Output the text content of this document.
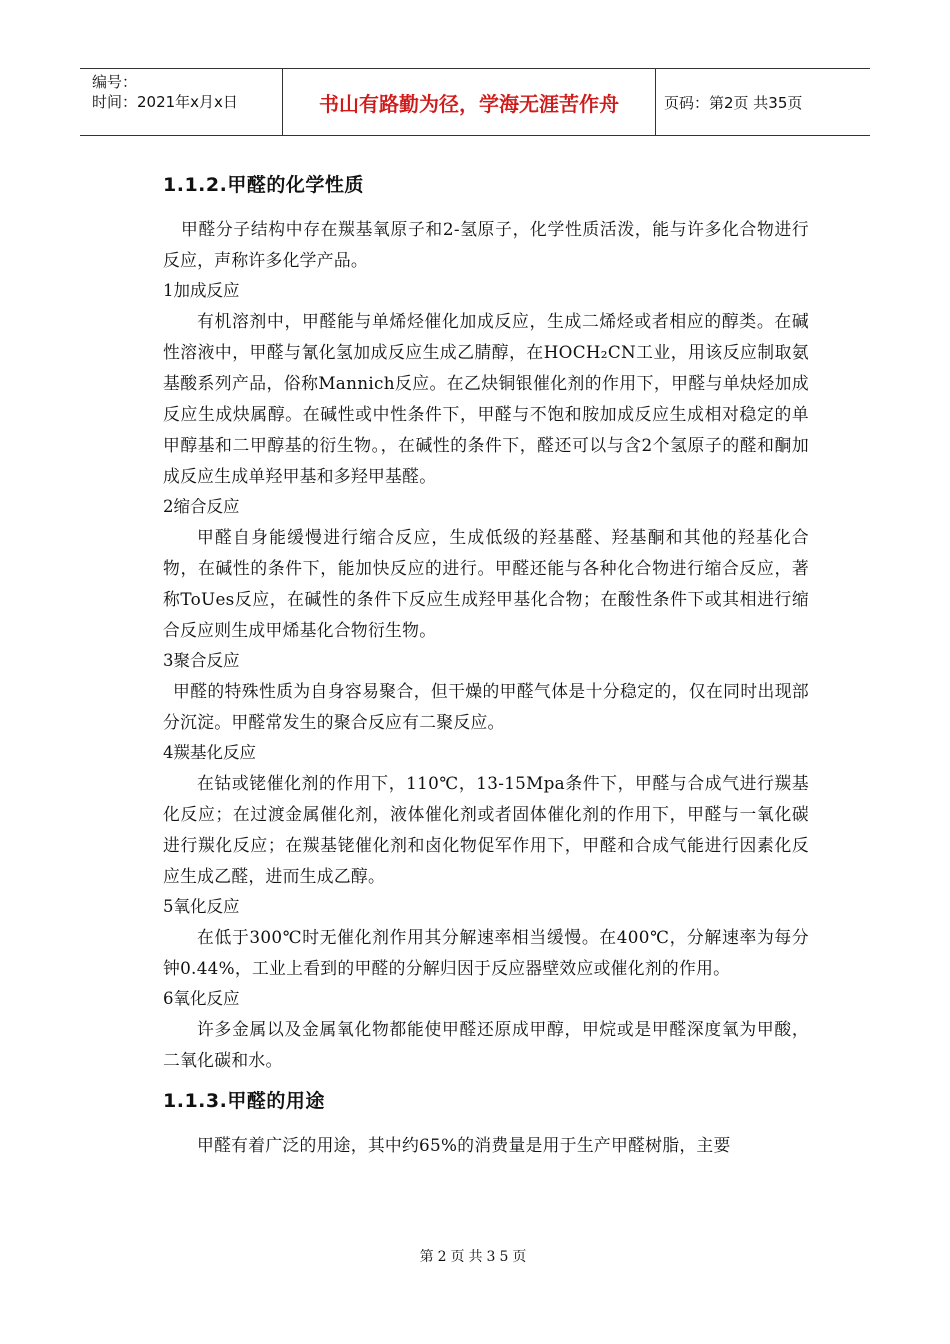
编号：
时间：2021年x月x日	书山有路勤为径，学海无涯苦作舟	页码：第2页 共35页
1.1.2.甲醛的化学性质

甲醛分子结构中存在羰基氧原子和2-氢原子，化学性质活泼，能与许多化合物进行反应，声称许多化学产品。

1加成反应

有机溶剂中，甲醛能与单烯烃催化加成反应，生成二烯烃或者相应的醇类。在碱性溶液中，甲醛与氰化氢加成反应生成乙腈醇，在HOCH₂CN工业，用该反应制取氨基酸系列产品，俗称Mannich反应。在乙炔铜银催化剂的作用下，甲醛与单炔烃加成反应生成炔属醇。在碱性或中性条件下，甲醛与不饱和胺加成反应生成相对稳定的单甲醇基和二甲醇基的衍生物。，在碱性的条件下，醛还可以与含2个氢原子的醛和酮加成反应生成单羟甲基和多羟甲基醛。

2缩合反应

甲醛自身能缓慢进行缩合反应，生成低级的羟基醛、羟基酮和其他的羟基化合物，在碱性的条件下，能加快反应的进行。甲醛还能与各种化合物进行缩合反应，著称ToUes反应，在碱性的条件下反应生成羟甲基化合物；在酸性条件下或其相进行缩合反应则生成甲烯基化合物衍生物。

3聚合反应

甲醛的特殊性质为自身容易聚合，但干燥的甲醛气体是十分稳定的，仅在同时出现部分沉淀。甲醛常发生的聚合反应有二聚反应。

4羰基化反应

在钴或铑催化剂的作用下，110℃，13-15Mpa条件下，甲醛与合成气进行羰基化反应；在过渡金属催化剂，液体催化剂或者固体催化剂的作用下，甲醛与一氧化碳进行羰化反应；在羰基铑催化剂和卤化物促军作用下，甲醛和合成气能进行因素化反应生成乙醛，进而生成乙醇。

5氧化反应

在低于300℃时无催化剂作用其分解速率相当缓慢。在400℃，分解速率为每分钟0.44%，工业上看到的甲醛的分解归因于反应器壁效应或催化剂的作用。

6氧化反应

许多金属以及金属氧化物都能使甲醛还原成甲醇，甲烷或是甲醛深度氧为甲酸，二氧化碳和水。

1.1.3.甲醛的用途

甲醛有着广泛的用途，其中约65%的消费量是用于生产甲醛树脂，主要

第2页共35页
